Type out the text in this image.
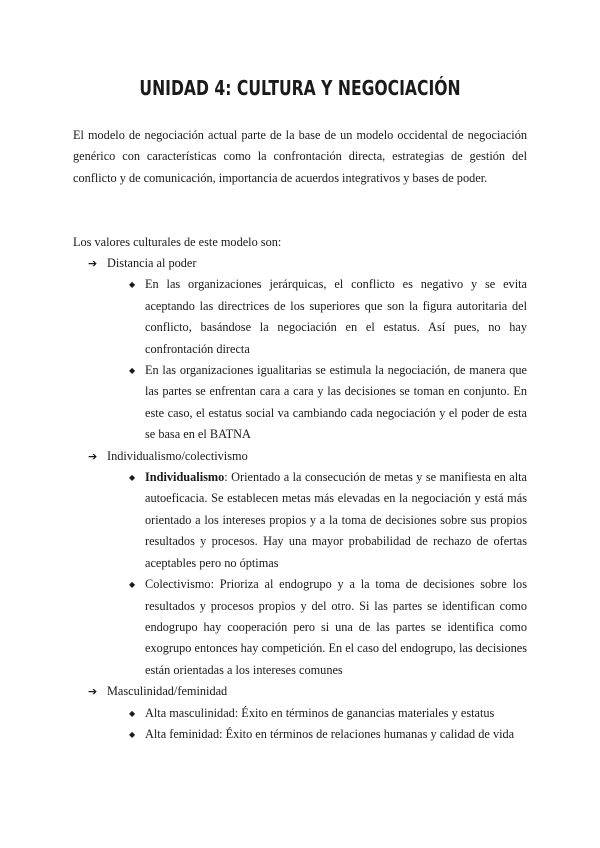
UNIDAD 4: CULTURA Y NEGOCIACIÓN

El modelo de negociación actual parte de la base de un modelo occidental de negociación genérico con características como la confrontación directa, estrategias de gestión del conflicto y de comunicación, importancia de acuerdos integrativos y bases de poder.

Los valores culturales de este modelo son:

➔ Distancia al poder
◆ En las organizaciones jerárquicas, el conflicto es negativo y se evita aceptando las directrices de los superiores que son la figura autoritaria del conflicto, basándose la negociación en el estatus. Así pues, no hay confrontación directa
◆ En las organizaciones igualitarias se estimula la negociación, de manera que las partes se enfrentan cara a cara y las decisiones se toman en conjunto. En este caso, el estatus social va cambiando cada negociación y el poder de esta se basa en el BATNA
➔ Individualismo/colectivismo
◆ Individualismo: Orientado a la consecución de metas y se manifiesta en alta autoeficacia. Se establecen metas más elevadas en la negociación y está más orientado a los intereses propios y a la toma de decisiones sobre sus propios resultados y procesos. Hay una mayor probabilidad de rechazo de ofertas aceptables pero no óptimas
◆ Colectivismo: Prioriza al endogrupo y a la toma de decisiones sobre los resultados y procesos propios y del otro. Si las partes se identifican como endogrupo hay cooperación pero si una de las partes se identifica como exogrupo entonces hay competición. En el caso del endogrupo, las decisiones están orientadas a los intereses comunes
➔ Masculinidad/feminidad
◆ Alta masculinidad: Éxito en términos de ganancias materiales y estatus
◆ Alta feminidad: Éxito en términos de relaciones humanas y calidad de vida
